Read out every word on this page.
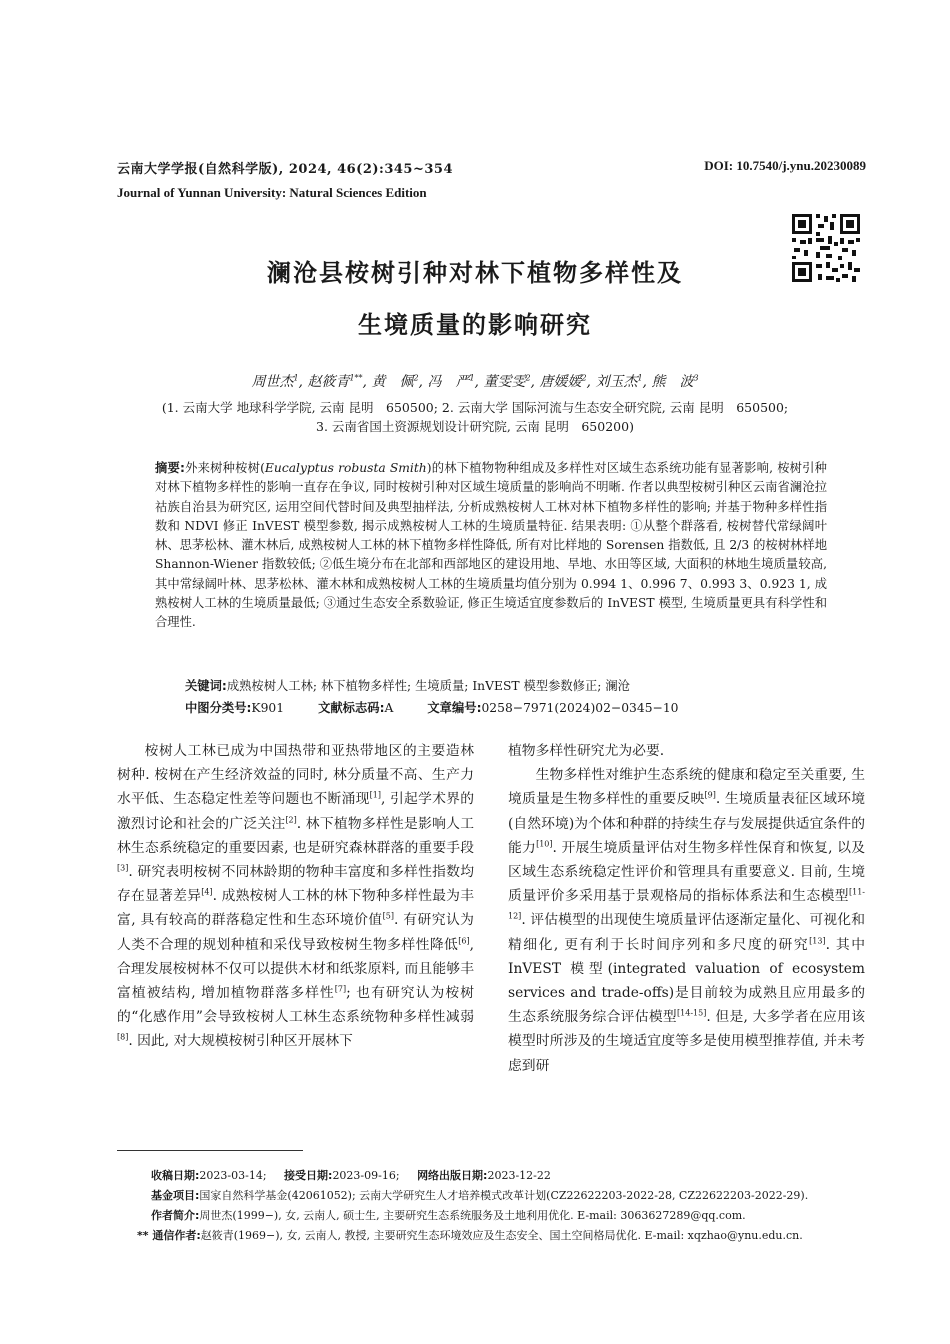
云南大学学报(自然科学版), 2024, 46(2):345~354
Journal of Yunnan University: Natural Sciences Edition
DOI: 10.7540/j.ynu.20230089
澜沧县桉树引种对林下植物多样性及
生境质量的影响研究
周世杰$^1$, 赵筱青$^{1**}$, 黄　佩$^2$, 冯　严$^1$, 董雯雯$^2$, 唐媛媛$^2$, 刘玉杰$^1$, 熊　波$^3$
(1. 云南大学 地球科学学院, 云南 昆明　650500; 2. 云南大学 国际河流与生态安全研究院, 云南 昆明　650500;
3. 云南省国土资源规划设计研究院, 云南 昆明　650200)
摘要:外来树种桉树(Eucalyptus robusta Smith)的林下植物物种组成及多样性对区域生态系统功能有显著影响, 桉树引种对林下植物多样性的影响一直存在争议, 同时桉树引种对区域生境质量的影响尚不明晰. 作者以典型桉树引种区云南省澜沧拉祜族自治县为研究区, 运用空间代替时间及典型抽样法, 分析成熟桉树人工林对林下植物多样性的影响; 并基于物种多样性指数和 NDVI 修正 InVEST 模型参数, 揭示成熟桉树人工林的生境质量特征. 结果表明: ①从整个群落看, 桉树替代常绿阔叶林、思茅松林、灌木林后, 成熟桉树人工林的林下植物多样性降低, 所有对比样地的 Sorensen 指数低, 且 2/3 的桉树林样地 Shannon-Wiener 指数较低; ②低生境分布在北部和西部地区的建设用地、旱地、水田等区域, 大面积的林地生境质量较高, 其中常绿阔叶林、思茅松林、灌木林和成熟桉树人工林的生境质量均值分别为 0.994 1、0.996 7、0.993 3、0.923 1, 成熟桉树人工林的生境质量最低; ③通过生态安全系数验证, 修正生境适宜度参数后的 InVEST 模型, 生境质量更具有科学性和合理性.
关键词:成熟桉树人工林; 林下植物多样性; 生境质量; InVEST 模型参数修正; 澜沧
中图分类号:K901	文献标志码:A	文章编号:0258−7971(2024)02−0345−10

桉树人工林已成为中国热带和亚热带地区的主要造林树种. 桉树在产生经济效益的同时, 林分质量不高、生产力水平低、生态稳定性差等问题也不断涌现[1], 引起学术界的激烈讨论和社会的广泛关注[2]. 林下植物多样性是影响人工林生态系统稳定的重要因素, 也是研究森林群落的重要手段[3]. 研究表明桉树不同林龄期的物种丰富度和多样性指数均存在显著差异[4]. 成熟桉树人工林的林下物种多样性最为丰富, 具有较高的群落稳定性和生态环境价值[5]. 有研究认为人类不合理的规划种植和采伐导致桉树生物多样性降低[6], 合理发展桉树林不仅可以提供木材和纸浆原料, 而且能够丰富植被结构, 增加植物群落多样性[7]; 也有研究认为桉树的“化感作用”会导致桉树人工林生态系统物种多样性减弱[8]. 因此, 对大规模桉树引种区开展林下

植物多样性研究尤为必要.

生物多样性对维护生态系统的健康和稳定至关重要, 生境质量是生物多样性的重要反映[9]. 生境质量表征区域环境(自然环境)为个体和种群的持续生存与发展提供适宜条件的能力[10]. 开展生境质量评估对生物多样性保育和恢复, 以及区域生态系统稳定性评价和管理具有重要意义. 目前, 生境质量评价多采用基于景观格局的指标体系法和生态模型[11-12]. 评估模型的出现使生境质量评估逐渐定量化、可视化和精细化, 更有利于长时间序列和多尺度的研究[13]. 其中 InVEST 模型(integrated valuation of ecosystem services and trade-offs)是目前较为成熟且应用最多的生态系统服务综合评估模型[14-15]. 但是, 大多学者在应用该模型时所涉及的生境适宜度等多是使用模型推荐值, 并未考虑到研

收稿日期:2023-03-14; 接受日期:2023-09-16; 网络出版日期:2023-12-22
基金项目:国家自然科学基金(42061052); 云南大学研究生人才培养模式改革计划(CZ22622203-2022-28, CZ22622203-2022-29).
作者简介:周世杰(1999−), 女, 云南人, 硕士生, 主要研究生态系统服务及土地利用优化. E-mail: 3063627289@qq.com.
** 通信作者:赵筱青(1969−), 女, 云南人, 教授, 主要研究生态环境效应及生态安全、国土空间格局优化. E-mail: xqzhao@ynu.edu.cn.
